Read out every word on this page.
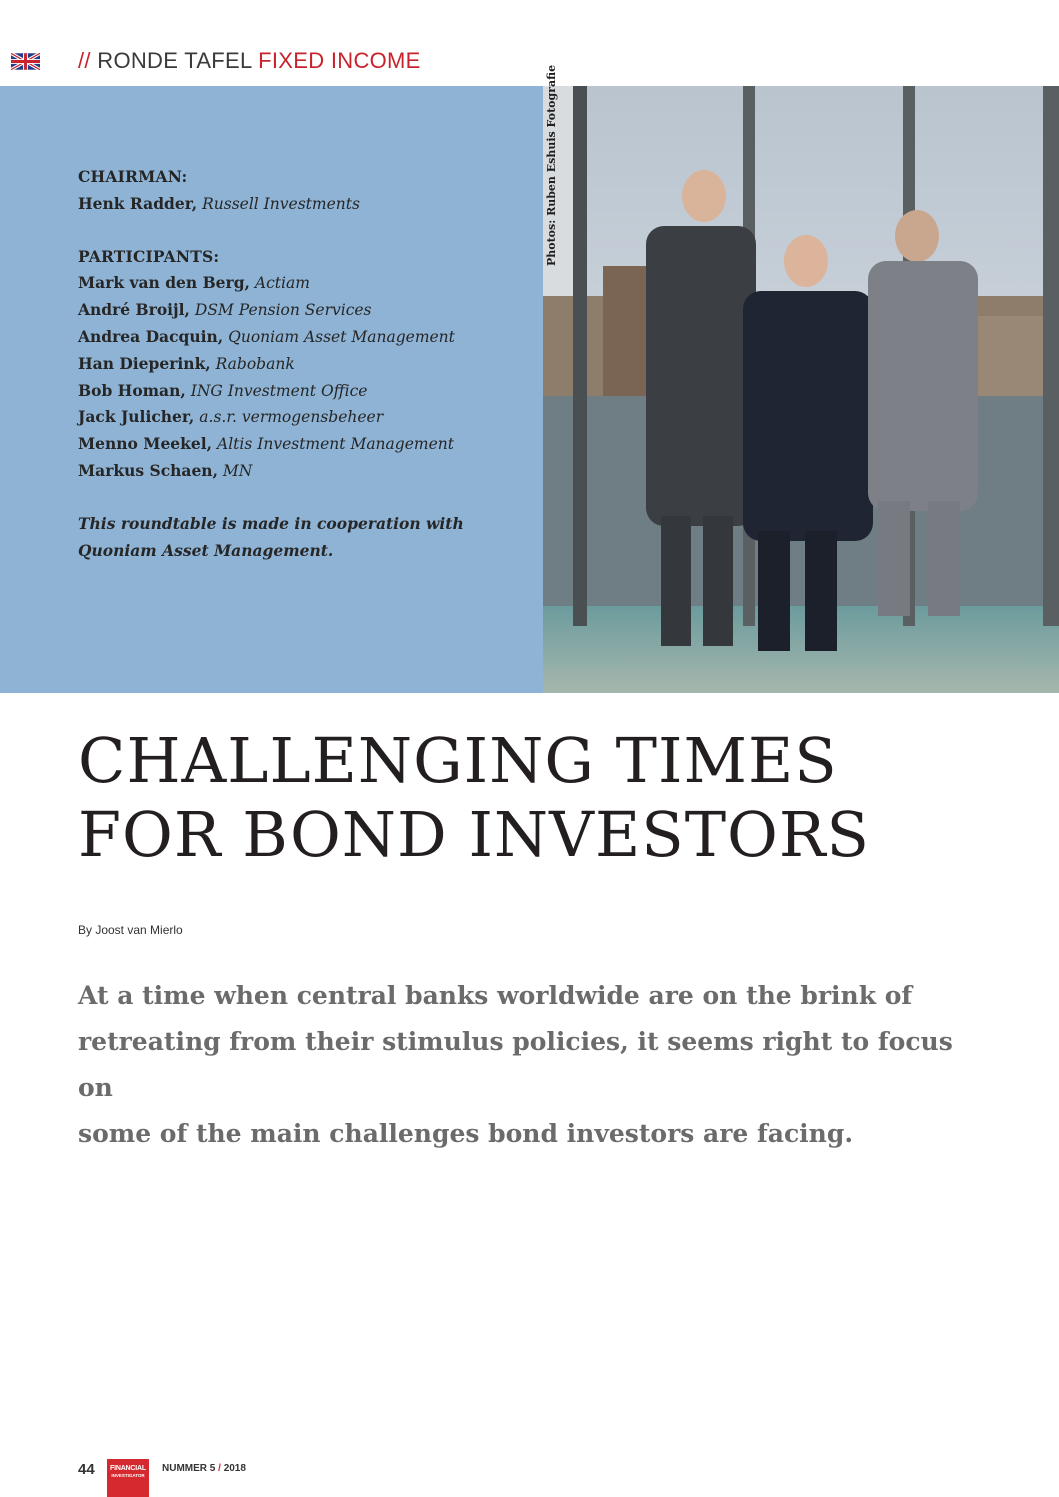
// RONDE TAFEL FIXED INCOME
CHAIRMAN:
Henk Radder, Russell Investments
PARTICIPANTS:
Mark van den Berg, Actiam
André Broijl, DSM Pension Services
Andrea Dacquin, Quoniam Asset Management
Han Dieperink, Rabobank
Bob Homan, ING Investment Office
Jack Julicher, a.s.r. vermogensbeheer
Menno Meekel, Altis Investment Management
Markus Schaen, MN
This roundtable is made in cooperation with
Quoniam Asset Management.
Photos: Ruben Eshuis Fotografie
CHALLENGING TIMES
FOR BOND INVESTORS
By Joost van Mierlo

At a time when central banks worldwide are on the brink of
retreating from their stimulus policies, it seems right to focus on
some of the main challenges bond investors are facing.

44	FINANCIAL
INVESTIGATOR
NUMMER 5 / 2018
